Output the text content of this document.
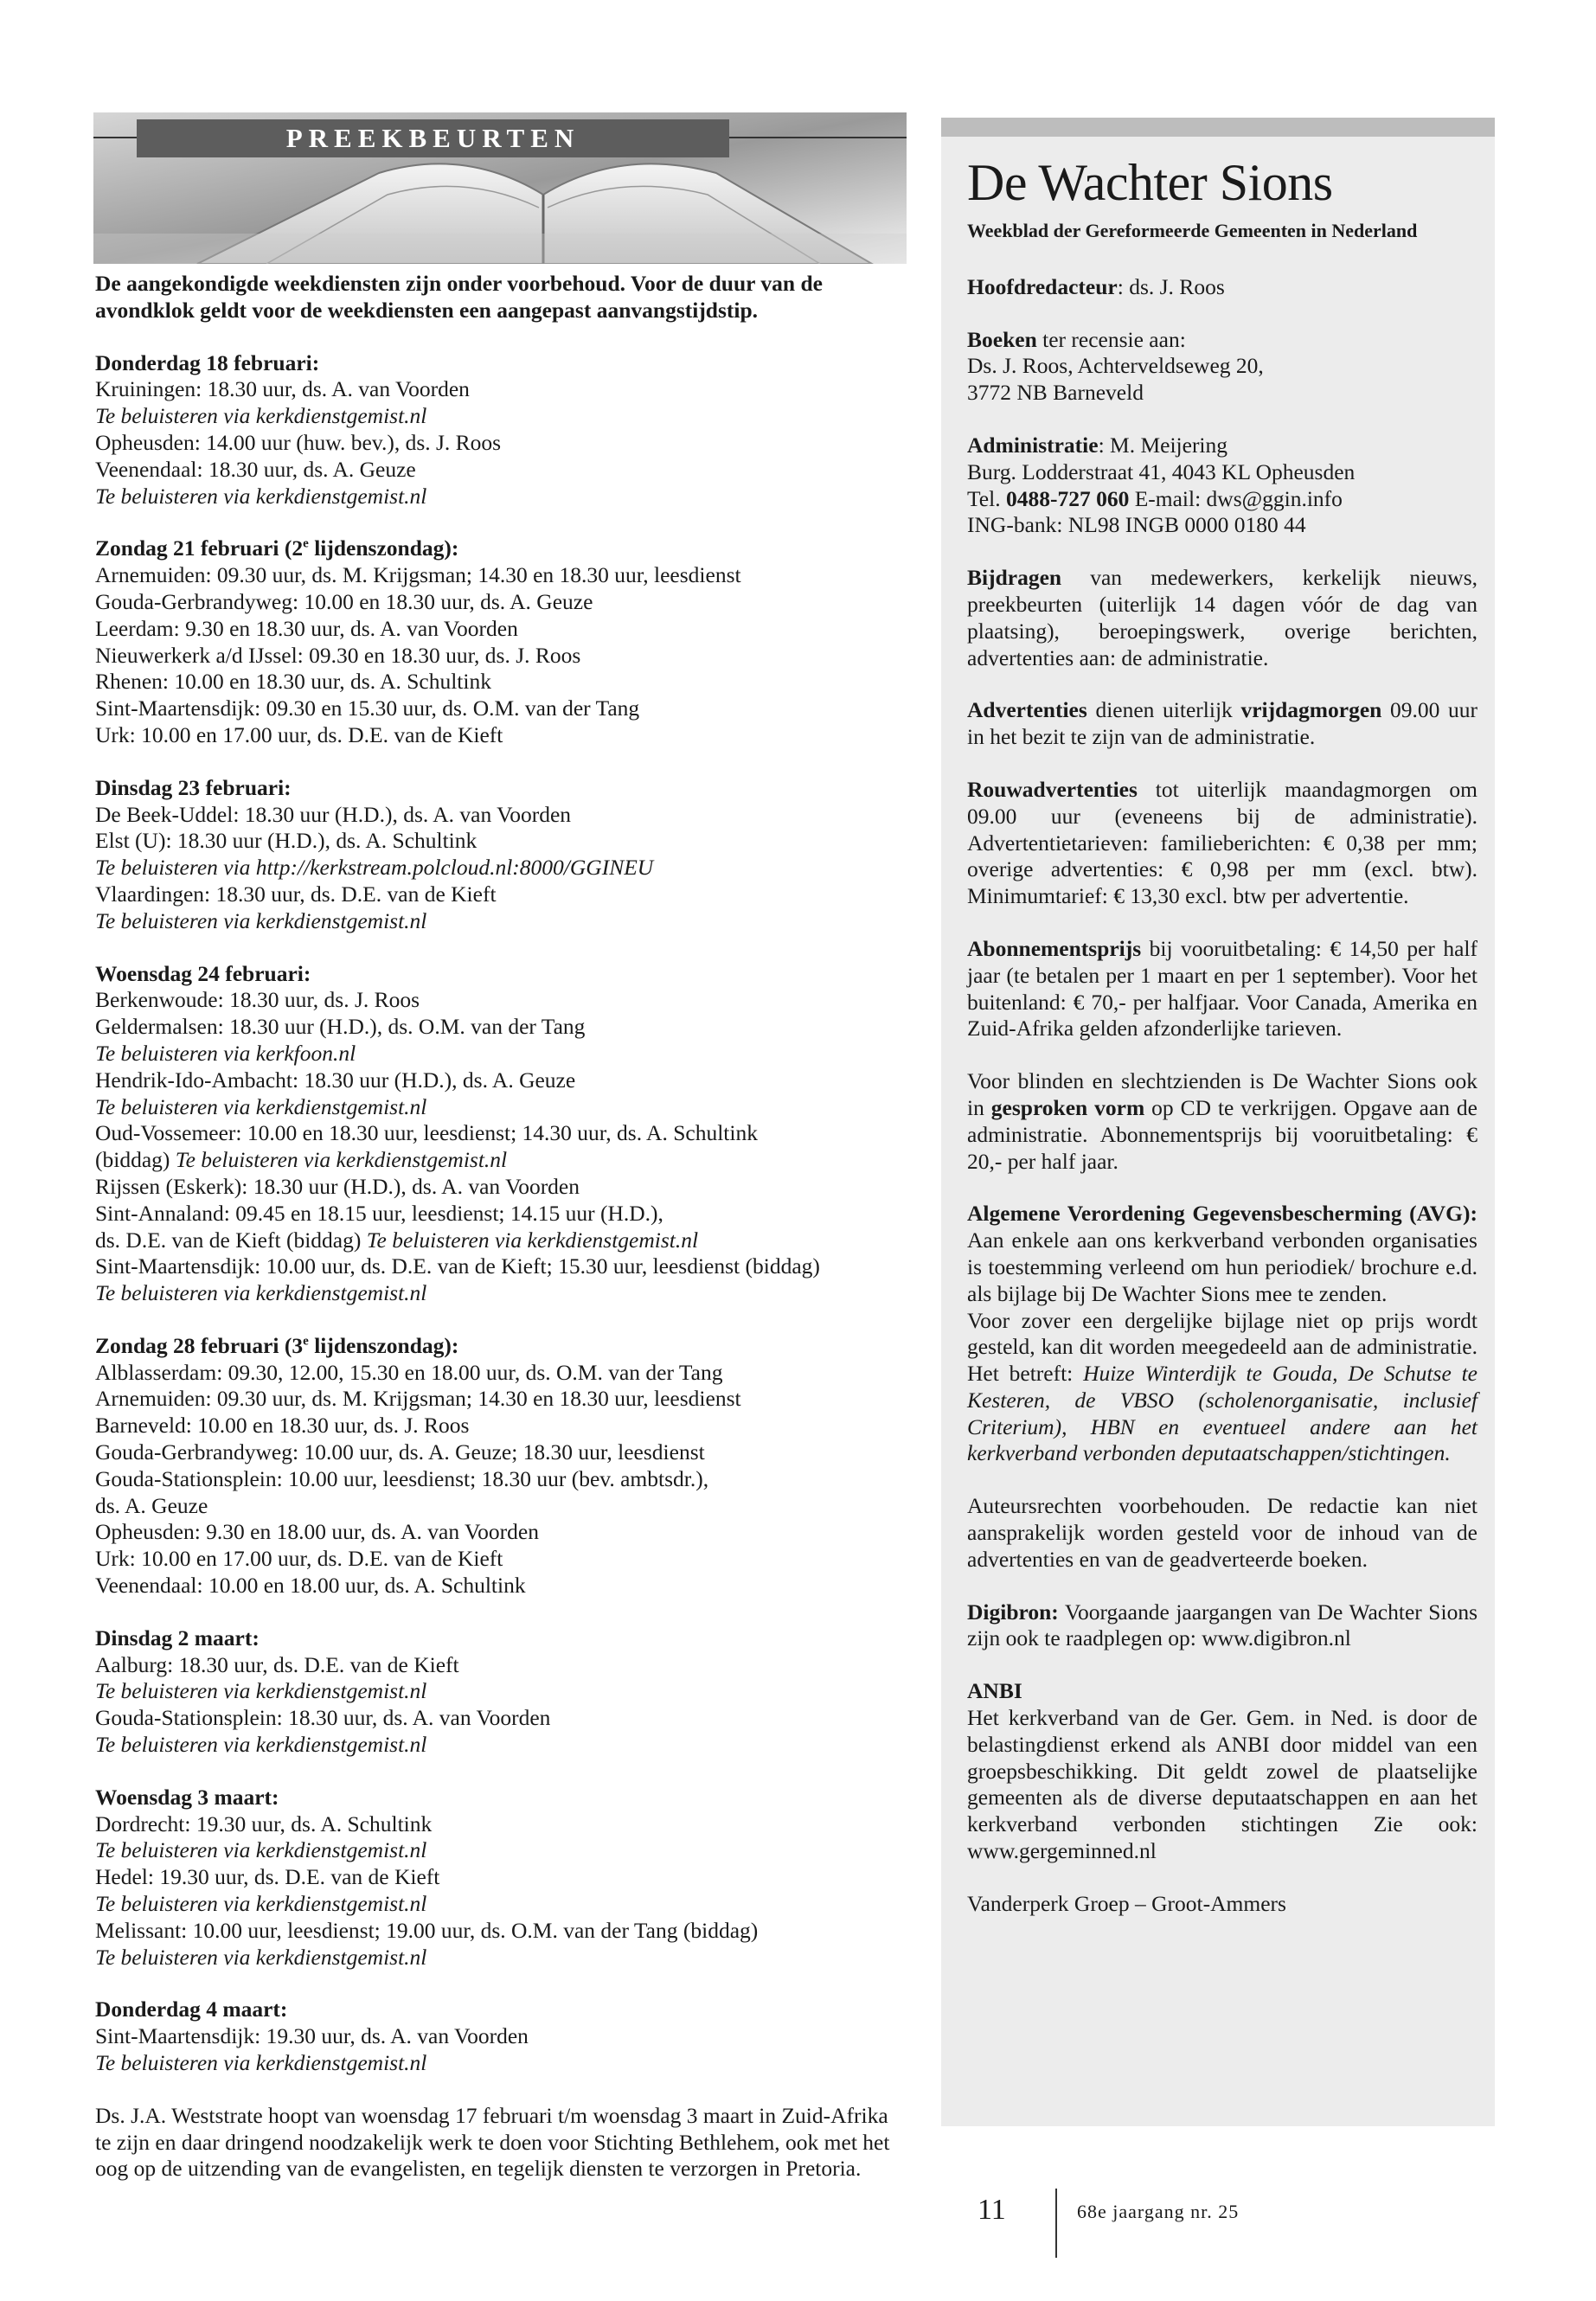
PREEKBEURTEN

De aangekondigde weekdiensten zijn onder voorbehoud. Voor de duur van de avondklok geldt voor de weekdiensten een aangepast aanvangstijdstip.

Donderdag 18 februari:

Kruiningen: 18.30 uur, ds. A. van Voorden

Te beluisteren via kerkdienstgemist.nl

Opheusden: 14.00 uur (huw. bev.), ds. J. Roos

Veenendaal: 18.30 uur, ds. A. Geuze

Te beluisteren via kerkdienstgemist.nl

Zondag 21 februari (2e lijdenszondag):

Arnemuiden: 09.30 uur, ds. M. Krijgsman; 14.30 en 18.30 uur, leesdienst

Gouda-Gerbrandyweg: 10.00 en 18.30 uur, ds. A. Geuze

Leerdam: 9.30 en 18.30 uur, ds. A. van Voorden

Nieuwerkerk a/d IJssel: 09.30 en 18.30 uur, ds. J. Roos

Rhenen: 10.00 en 18.30 uur, ds. A. Schultink

Sint-Maartensdijk: 09.30 en 15.30 uur, ds. O.M. van der Tang

Urk: 10.00 en 17.00 uur, ds. D.E. van de Kieft

Dinsdag 23 februari:

De Beek-Uddel: 18.30 uur (H.D.), ds. A. van Voorden

Elst (U): 18.30 uur (H.D.), ds. A. Schultink

Te beluisteren via http://kerkstream.polcloud.nl:8000/GGINEU

Vlaardingen: 18.30 uur, ds. D.E. van de Kieft

Te beluisteren via kerkdienstgemist.nl

Woensdag 24 februari:

Berkenwoude: 18.30 uur, ds. J. Roos

Geldermalsen: 18.30 uur (H.D.), ds. O.M. van der Tang

Te beluisteren via kerkfoon.nl

Hendrik-Ido-Ambacht: 18.30 uur (H.D.), ds. A. Geuze

Te beluisteren via kerkdienstgemist.nl

Oud-Vossemeer: 10.00 en 18.30 uur, leesdienst; 14.30 uur, ds. A. Schultink

(biddag) Te beluisteren via kerkdienstgemist.nl

Rijssen (Eskerk): 18.30 uur (H.D.), ds. A. van Voorden

Sint-Annaland: 09.45 en 18.15 uur, leesdienst; 14.15 uur (H.D.),

ds. D.E. van de Kieft (biddag) Te beluisteren via kerkdienstgemist.nl

Sint-Maartensdijk: 10.00 uur, ds. D.E. van de Kieft; 15.30 uur, leesdienst (biddag)

Te beluisteren via kerkdienstgemist.nl

Zondag 28 februari (3e lijdenszondag):

Alblasserdam: 09.30, 12.00, 15.30 en 18.00 uur, ds. O.M. van der Tang

Arnemuiden: 09.30 uur, ds. M. Krijgsman; 14.30 en 18.30 uur, leesdienst

Barneveld: 10.00 en 18.30 uur, ds. J. Roos

Gouda-Gerbrandyweg: 10.00 uur, ds. A. Geuze; 18.30 uur, leesdienst

Gouda-Stationsplein: 10.00 uur, leesdienst; 18.30 uur (bev. ambtsdr.),

ds. A. Geuze

Opheusden: 9.30 en 18.00 uur, ds. A. van Voorden

Urk: 10.00 en 17.00 uur, ds. D.E. van de Kieft

Veenendaal: 10.00 en 18.00 uur, ds. A. Schultink

Dinsdag 2 maart:

Aalburg: 18.30 uur, ds. D.E. van de Kieft

Te beluisteren via kerkdienstgemist.nl

Gouda-Stationsplein: 18.30 uur, ds. A. van Voorden

Te beluisteren via kerkdienstgemist.nl

Woensdag 3 maart:

Dordrecht: 19.30 uur, ds. A. Schultink

Te beluisteren via kerkdienstgemist.nl

Hedel: 19.30 uur, ds. D.E. van de Kieft

Te beluisteren via kerkdienstgemist.nl

Melissant: 10.00 uur, leesdienst; 19.00 uur, ds. O.M. van der Tang (biddag)

Te beluisteren via kerkdienstgemist.nl

Donderdag 4 maart:

Sint-Maartensdijk: 19.30 uur, ds. A. van Voorden

Te beluisteren via kerkdienstgemist.nl

Ds. J.A. Weststrate hoopt van woensdag 17 februari t/m woensdag 3 maart in Zuid-Afrika te zijn en daar dringend noodzakelijk werk te doen voor Stichting Bethlehem, ook met het oog op de uitzending van de evangelisten, en tegelijk diensten te verzorgen in Pretoria.

De Wachter Sions

Weekblad der Gereformeerde Gemeenten in Nederland

Hoofdredacteur: ds. J. Roos

Boeken ter recensie aan:
Ds. J. Roos, Achterveldseweg 20,
3772 NB Barneveld

Administratie: M. Meijering
Burg. Lodderstraat 41, 4043 KL Opheusden
Tel. 0488-727 060 E-mail: dws@ggin.info
ING-bank: NL98 INGB 0000 0180 44

Bijdragen van medewerkers, kerkelijk nieuws, preekbeurten (uiterlijk 14 dagen vóór de dag van plaatsing), beroepingswerk, overige berichten, advertenties aan: de administratie.

Advertenties dienen uiterlijk vrijdagmorgen 09.00 uur in het bezit te zijn van de administratie.

Rouwadvertenties tot uiterlijk maandagmorgen om 09.00 uur (eveneens bij de administratie). Advertentietarieven: familieberichten: € 0,38 per mm; overige advertenties: € 0,98 per mm (excl. btw). Minimumtarief: € 13,30 excl. btw per advertentie.

Abonnementsprijs bij vooruitbetaling: € 14,50 per half jaar (te betalen per 1 maart en per 1 september). Voor het buitenland: € 70,- per halfjaar. Voor Canada, Amerika en Zuid-Afrika gelden afzonderlijke tarieven.

Voor blinden en slechtzienden is De Wachter Sions ook in gesproken vorm op CD te verkrijgen. Opgave aan de administratie. Abonnementsprijs bij vooruitbetaling: € 20,- per half jaar.

Algemene Verordening Gegevensbescherming (AVG): Aan enkele aan ons kerkverband verbonden organisaties is toestemming verleend om hun periodiek/ brochure e.d. als bijlage bij De Wachter Sions mee te zenden.
Voor zover een dergelijke bijlage niet op prijs wordt gesteld, kan dit worden meegedeeld aan de administratie. Het betreft: Huize Winterdijk te Gouda, De Schutse te Kesteren, de VBSO (scholenorganisatie, inclusief Criterium), HBN en eventueel andere aan het kerkverband verbonden deputaatschappen/stichtingen.

Auteursrechten voorbehouden. De redactie kan niet aansprakelijk worden gesteld voor de inhoud van de advertenties en van de geadverteerde boeken.

Digibron: Voorgaande jaargangen van De Wachter Sions zijn ook te raadplegen op: www.digibron.nl

ANBI
Het kerkverband van de Ger. Gem. in Ned. is door de belastingdienst erkend als ANBI door middel van een groepsbeschikking. Dit geldt zowel de plaatselijke gemeenten als de diverse deputaatschappen en aan het kerkverband verbonden stichtingen Zie ook: www.gergeminned.nl

Vanderperk Groep – Groot-Ammers

11	68e jaargang nr. 25
